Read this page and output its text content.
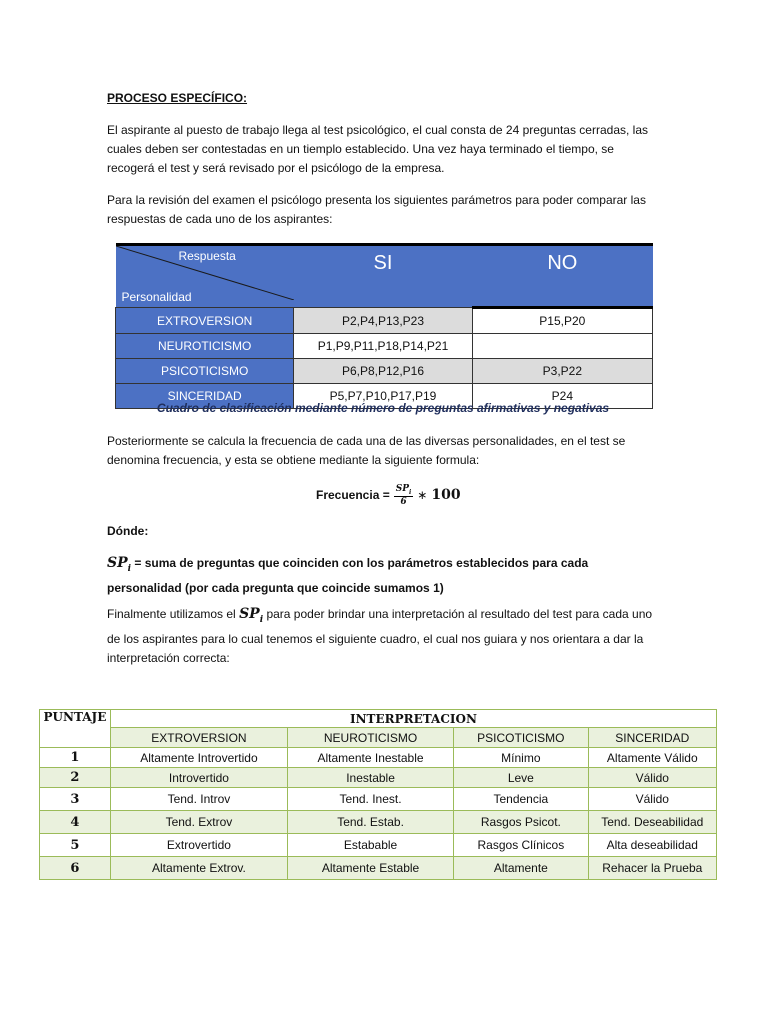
PROCESO ESPECÍFICO:

El aspirante al puesto de trabajo llega al test psicológico, el cual consta de 24 preguntas cerradas, las cuales deben ser contestadas en un tiemplo establecido. Una vez haya terminado el tiempo, se recogerá el test y será revisado por el psicólogo de la empresa.

Para la revisión del examen el psicólogo presenta los siguientes parámetros para poder comparar las respuestas de cada uno de los aspirantes:

Respuesta
Personalidad	SI	NO
EXTROVERSION	P2,P4,P13,P23	P15,P20
NEUROTICISMO	P1,P9,P11,P18,P14,P21	
PSICOTICISMO	P6,P8,P12,P16	P3,P22
SINCERIDAD	P5,P7,P10,P17,P19	P24
Cuadro de clasificación mediante número de preguntas afirmativas y negativas

Posteriormente se calcula la frecuencia de cada una de las diversas personalidades, en el test se denomina frecuencia, y esta se obtiene mediante la siguiente formula:

Frecuencia = $\frac{SP_i}{6}$ ∗ 100

Dónde:

$SP_i$ = suma de preguntas que coinciden con los parámetros establecidos para cada personalidad (por cada pregunta que coincide sumamos 1)

Finalmente utilizamos el $SP_i$ para poder brindar una interpretación al resultado del test para cada uno de los aspirantes para lo cual tenemos el siguiente cuadro, el cual nos guiara y nos orientara a dar la interpretación correcta:

PUNTAJE	INTERPRETACION			
	EXTROVERSION	NEUROTICISMO	PSICOTICISMO	SINCERIDAD
1	Altamente Introvertido	Altamente Inestable	Mínimo	Altamente Válido
2	Introvertido	Inestable	Leve	Válido
3	Tend. Introv	Tend. Inest.	Tendencia	Válido
4	Tend. Extrov	Tend. Estab.	Rasgos Psicot.	Tend. Deseabilidad
5	Extrovertido	Estabable	Rasgos Clínicos	Alta deseabilidad
6	Altamente Extrov.	Altamente Estable	Altamente	Rehacer la Prueba
